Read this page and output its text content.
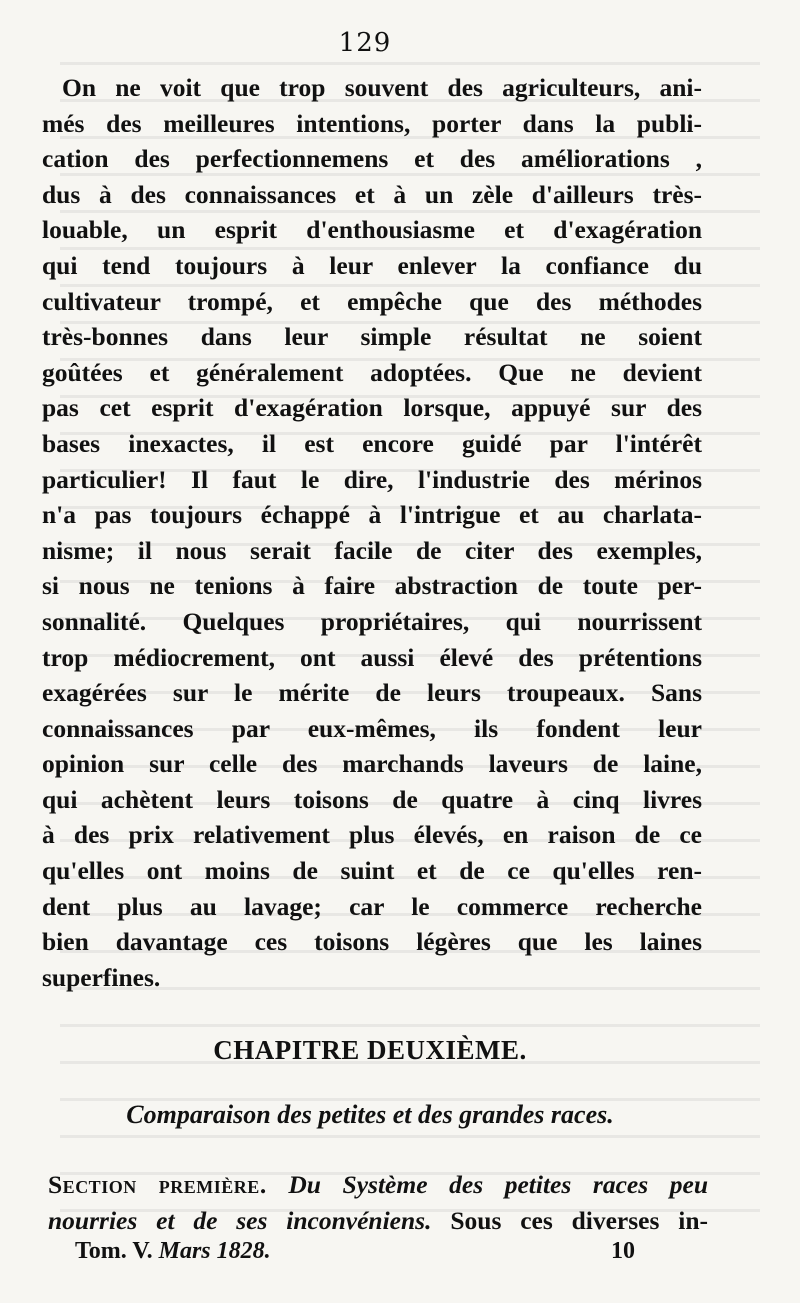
129
On ne voit que trop souvent des agriculteurs, ani-
més des meilleures intentions, porter dans la publi-
cation des perfectionnemens et des améliorations ,
dus à des connaissances et à un zèle d'ailleurs très-
louable, un esprit d'enthousiasme et d'exagération
qui tend toujours à leur enlever la confiance du
cultivateur trompé, et empêche que des méthodes
très-bonnes dans leur simple résultat ne soient
goûtées et généralement adoptées. Que ne devient
pas cet esprit d'exagération lorsque, appuyé sur des
bases inexactes, il est encore guidé par l'intérêt
particulier! Il faut le dire, l'industrie des mérinos
n'a pas toujours échappé à l'intrigue et au charlata-
nisme; il nous serait facile de citer des exemples,
si nous ne tenions à faire abstraction de toute per-
sonnalité. Quelques propriétaires, qui nourrissent
trop médiocrement, ont aussi élevé des prétentions
exagérées sur le mérite de leurs troupeaux. Sans
connaissances par eux-mêmes, ils fondent leur
opinion sur celle des marchands laveurs de laine,
qui achètent leurs toisons de quatre à cinq livres
à des prix relativement plus élevés, en raison de ce
qu'elles ont moins de suint et de ce qu'elles ren-
dent plus au lavage; car le commerce recherche
bien davantage ces toisons légères que les laines
superfines.
CHAPITRE DEUXIÈME.
Comparaison des petites et des grandes races.
Section première. Du Système des petites races peu
nourries et de ses inconvéniens. Sous ces diverses in-
Tom. V. Mars 1828.	10
